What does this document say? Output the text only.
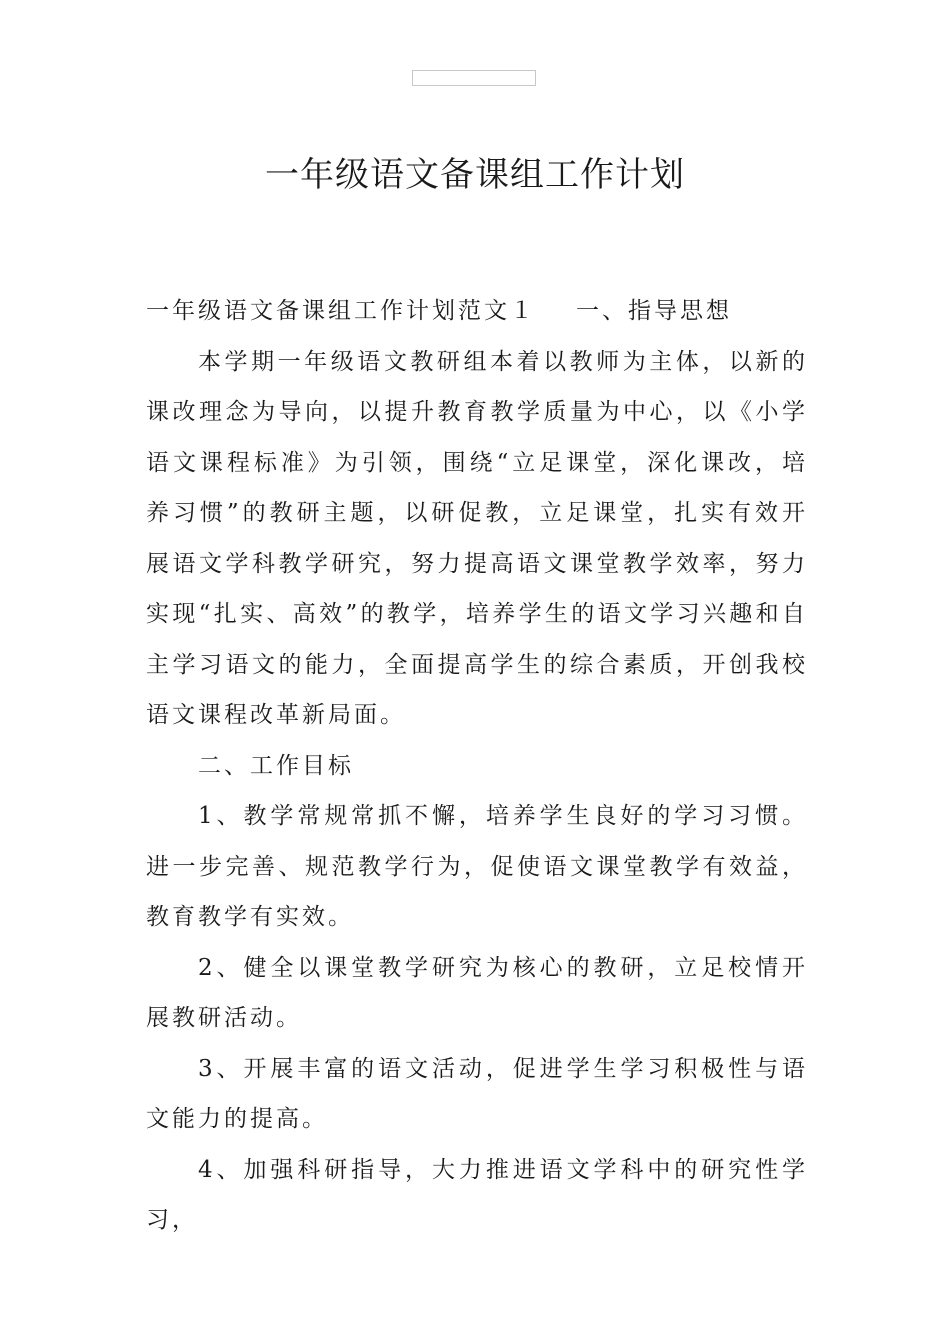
一年级语文备课组工作计划

一年级语文备课组工作计划范文１ 一、指导思想

本学期一年级语文教研组本着以教师为主体，以新的课改理念为导向，以提升教育教学质量为中心，以《小学语文课程标准》为引领，围绕“立足课堂，深化课改，培养习惯”的教研主题，以研促教，立足课堂，扎实有效开展语文学科教学研究，努力提高语文课堂教学效率，努力实现“扎实、高效”的教学，培养学生的语文学习兴趣和自主学习语文的能力，全面提高学生的综合素质，开创我校语文课程改革新局面。

二、工作目标

1、教学常规常抓不懈，培养学生良好的学习习惯。进一步完善、规范教学行为，促使语文课堂教学有效益，教育教学有实效。

2、健全以课堂教学研究为核心的教研，立足校情开展教研活动。

3、开展丰富的语文活动，促进学生学习积极性与语文能力的提高。

4、加强科研指导，大力推进语文学科中的研究性学习，
